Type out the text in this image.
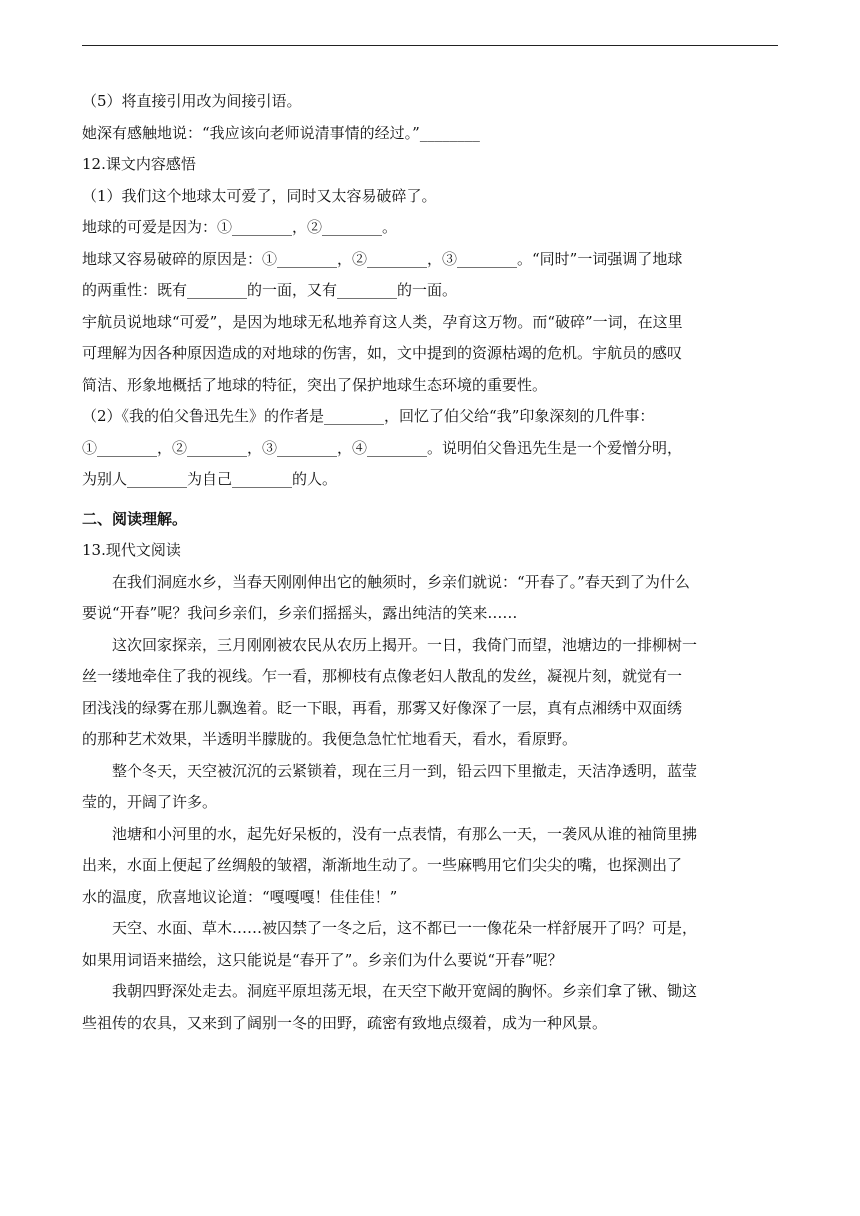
（5）将直接引用改为间接引语。
她深有感触地说：“我应该向老师说清事情的经过。”________
12.课文内容感悟
（1）我们这个地球太可爱了，同时又太容易破碎了。
地球的可爱是因为：①________，②________。
地球又容易破碎的原因是：①________，②________，③________。“同时”一词强调了地球
的两重性：既有________的一面，又有________的一面。
宇航员说地球“可爱”，是因为地球无私地养育这人类，孕育这万物。而“破碎”一词，在这里
可理解为因各种原因造成的对地球的伤害，如，文中提到的资源枯竭的危机。宇航员的感叹
简洁、形象地概括了地球的特征，突出了保护地球生态环境的重要性。
（2）《我的伯父鲁迅先生》的作者是________，回忆了伯父给“我”印象深刻的几件事：
①________，②________，③________，④________。说明伯父鲁迅先生是一个爱憎分明，
为别人________为自己________的人。
二、阅读理解。
13.现代文阅读
　　在我们洞庭水乡，当春天刚刚伸出它的触须时，乡亲们就说：“开春了。”春天到了为什么
要说“开春”呢？我问乡亲们，乡亲们摇摇头，露出纯洁的笑来……
　　这次回家探亲，三月刚刚被农民从农历上揭开。一日，我倚门而望，池塘边的一排柳树一
丝一缕地牵住了我的视线。乍一看，那柳枝有点像老妇人散乱的发丝，凝视片刻，就觉有一
团浅浅的绿雾在那儿飘逸着。眨一下眼，再看，那雾又好像深了一层，真有点湘绣中双面绣
的那种艺术效果，半透明半朦胧的。我便急急忙忙地看天，看水，看原野。
　　整个冬天，天空被沉沉的云紧锁着，现在三月一到，铅云四下里撤走，天洁净透明，蓝莹
莹的，开阔了许多。
　　池塘和小河里的水，起先好呆板的，没有一点表情，有那么一天，一袭风从谁的袖筒里拂
出来，水面上便起了丝绸般的皱褶，渐渐地生动了。一些麻鸭用它们尖尖的嘴，也探测出了
水的温度，欣喜地议论道：“嘎嘎嘎！佳佳佳！”
　　天空、水面、草木……被囚禁了一冬之后，这不都已一一像花朵一样舒展开了吗？可是，
如果用词语来描绘，这只能说是“春开了”。乡亲们为什么要说“开春”呢？
　　我朝四野深处走去。洞庭平原坦荡无垠，在天空下敞开宽阔的胸怀。乡亲们拿了锹、锄这
些祖传的农具，又来到了阔别一冬的田野，疏密有致地点缀着，成为一种风景。
